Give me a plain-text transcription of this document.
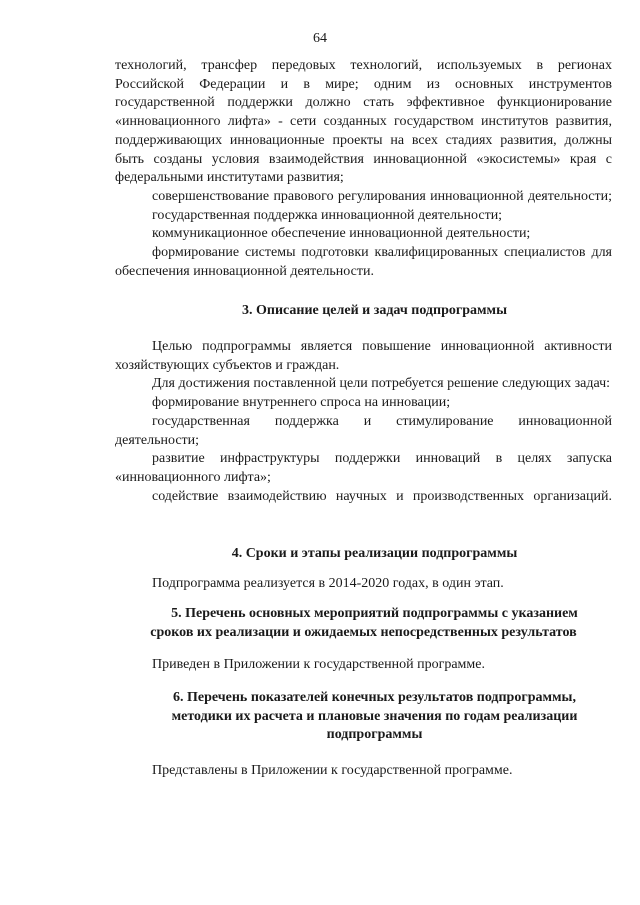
64

технологий, трансфер передовых технологий, используемых в регионах Российской Федерации и в мире; одним из основных инструментов государственной поддержки должно стать эффективное функционирование «инновационного лифта» - сети созданных государством институтов развития, поддерживающих инновационные проекты на всех стадиях развития, должны быть созданы условия взаимодействия инновационной «экосистемы» края с федеральными институтами развития;

совершенствование правового регулирования инновационной деятельности;

государственная поддержка инновационной деятельности;

коммуникационное обеспечение инновационной деятельности;

формирование системы подготовки квалифицированных специалистов для обеспечения инновационной деятельности.

3. Описание целей и задач подпрограммы

Целью подпрограммы является повышение инновационной активности хозяйствующих субъектов и граждан.

Для достижения поставленной цели потребуется решение следующих задач:

формирование внутреннего спроса на инновации;

государственная поддержка и стимулирование инновационной деятельности;

развитие инфраструктуры поддержки инноваций в целях запуска «инновационного лифта»;

содействие взаимодействию научных и производственных организаций.

4. Сроки и этапы реализации подпрограммы

Подпрограмма реализуется в 2014-2020 годах, в один этап.

5. Перечень основных мероприятий подпрограммы с указанием
сроков их реализации и ожидаемых непосредственных результатов

Приведен в Приложении к государственной программе.

6. Перечень показателей конечных результатов подпрограммы,
методики их расчета и плановые значения по годам реализации
подпрограммы

Представлены в Приложении к государственной программе.
